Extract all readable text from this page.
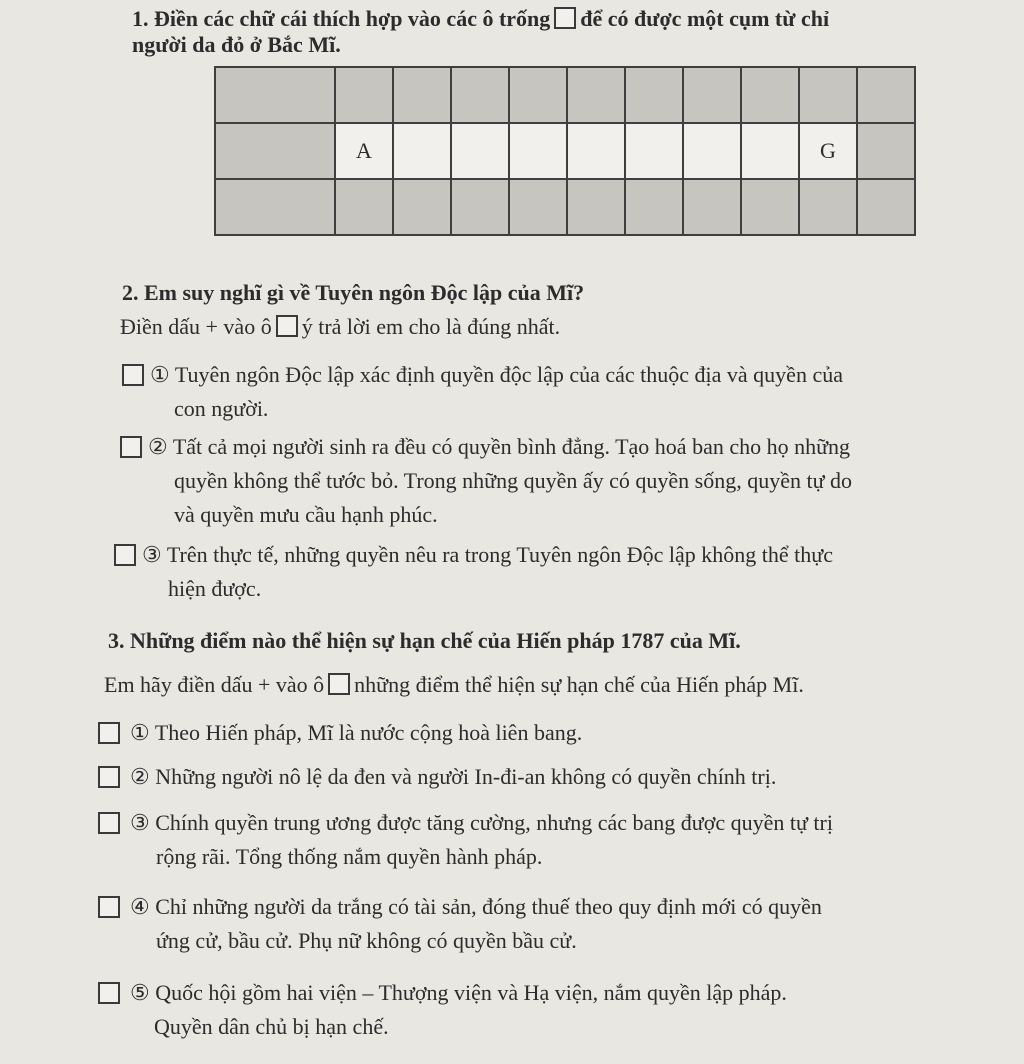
1. Điền các chữ cái thích hợp vào các ô trống để có được một cụm từ chỉ
người da đỏ ở Bắc Mĩ.

	A								G	

2. Em suy nghĩ gì về Tuyên ngôn Độc lập của Mĩ?
Điền dấu + vào ô ý trả lời em cho là đúng nhất.
① Tuyên ngôn Độc lập xác định quyền độc lập của các thuộc địa và quyền của
con người.
② Tất cả mọi người sinh ra đều có quyền bình đẳng. Tạo hoá ban cho họ những
quyền không thể tước bỏ. Trong những quyền ấy có quyền sống, quyền tự do
và quyền mưu cầu hạnh phúc.
③ Trên thực tế, những quyền nêu ra trong Tuyên ngôn Độc lập không thể thực
hiện được.
3. Những điểm nào thể hiện sự hạn chế của Hiến pháp 1787 của Mĩ.
Em hãy điền dấu + vào ô những điểm thể hiện sự hạn chế của Hiến pháp Mĩ.
① Theo Hiến pháp, Mĩ là nước cộng hoà liên bang.
② Những người nô lệ da đen và người In-đi-an không có quyền chính trị.
③ Chính quyền trung ương được tăng cường, nhưng các bang được quyền tự trị
rộng rãi. Tổng thống nắm quyền hành pháp.
④ Chỉ những người da trắng có tài sản, đóng thuế theo quy định mới có quyền
ứng cử, bầu cử. Phụ nữ không có quyền bầu cử.
⑤ Quốc hội gồm hai viện – Thượng viện và Hạ viện, nắm quyền lập pháp.
Quyền dân chủ bị hạn chế.
